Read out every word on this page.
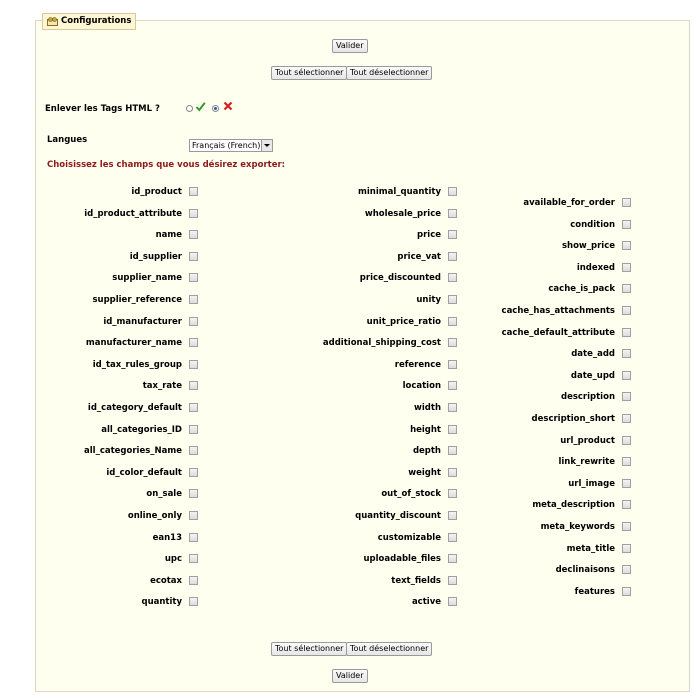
Configurations
Valider
Tout sélectionner Tout déselectionner
Enlever les Tags HTML ?
Langues
Français (French)
Choisissez les champs que vous désirez exporter:
id_product
id_product_attribute
name
id_supplier
supplier_name
supplier_reference
id_manufacturer
manufacturer_name
id_tax_rules_group
tax_rate
id_category_default
all_categories_ID
all_categories_Name
id_color_default
on_sale
online_only
ean13
upc
ecotax
quantity
minimal_quantity
wholesale_price
price
price_vat
price_discounted
unity
unit_price_ratio
additional_shipping_cost
reference
location
width
height
depth
weight
out_of_stock
quantity_discount
customizable
uploadable_files
text_fields
active
available_for_order
condition
show_price
indexed
cache_is_pack
cache_has_attachments
cache_default_attribute
date_add
date_upd
description
description_short
url_product
link_rewrite
url_image
meta_description
meta_keywords
meta_title
declinaisons
features
Tout sélectionner Tout déselectionner
Valider
